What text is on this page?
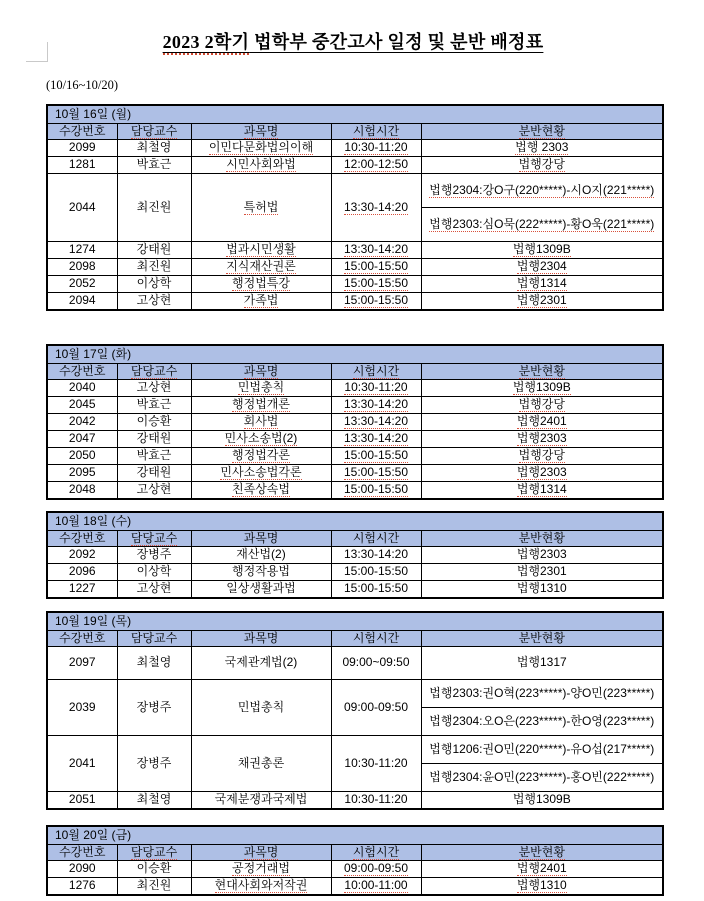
2023 2학기 법학부 중간고사 일정 및 분반 배정표
(10/16~10/20)
10월 16일 (월)				
수강번호	담당교수	과목명	시험시간	분반현황
2099	최철영	이민다문화법의이해	10:30-11:20	법행 2303
1281	박효근	시민사회와법	12:00-12:50	법행강당
2044	최진원	특허법	13:30-14:20	법행2304:강O구(220*****)-시O지(221*****)
				법행2303:심O묵(222*****)-황O욱(221*****)
1274	강태원	법과시민생활	13:30-14:20	법행1309B
2098	최진원	지식재산권론	15:00-15:50	법행2304
2052	이상학	행정법특강	15:00-15:50	법행1314
2094	고상현	가족법	15:00-15:50	법행2301
10월 17일 (화)				
수강번호	담당교수	과목명	시험시간	분반현황
2040	고상현	민법총칙	10:30-11:20	법행1309B
2045	박효근	행정법개론	13:30-14:20	법행강당
2042	이승환	회사법	13:30-14:20	법행2401
2047	강태원	민사소송법(2)	13:30-14:20	법행2303
2050	박효근	행정법각론	15:00-15:50	법행강당
2095	강태원	민사소송법각론	15:00-15:50	법행2303
2048	고상현	친족상속법	15:00-15:50	법행1314
10월 18일 (수)				
수강번호	담당교수	과목명	시험시간	분반현황
2092	장병주	재산법(2)	13:30-14:20	법행2303
2096	이상학	행정작용법	15:00-15:50	법행2301
1227	고상현	일상생활과법	15:00-15:50	법행1310
10월 19일 (목)				
수강번호	담당교수	과목명	시험시간	분반현황
2097	최철영	국제관계법(2)	09:00~09:50	법행1317
2039	장병주	민법총칙	09:00-09:50	법행2303:권O혁(223*****)-양O민(223*****)
				법행2304:오O은(223*****)-한O영(223*****)
2041	장병주	채권총론	10:30-11:20	법행1206:권O민(220*****)-유O섭(217*****)
				법행2304:윤O민(223*****)-홍O빈(222*****)
2051	최철영	국제분쟁과국제법	10:30-11:20	법행1309B
10월 20일 (금)				
수강번호	담당교수	과목명	시험시간	분반현황
2090	이승환	공정거래법	09:00-09:50	법행2401
1276	최진원	현대사회와저작권	10:00-11:00	법행1310
